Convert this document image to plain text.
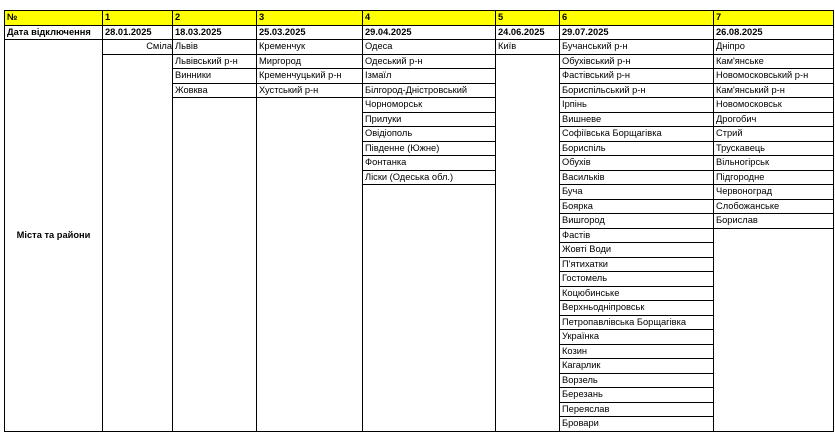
№	1	2	3	4	5	6	7
Дата відключення	28.01.2025	18.03.2025	25.03.2025	29.04.2025	24.06.2025	29.07.2025	26.08.2025
Міста та райони	Сміла	Львів	Кременчук	Одеса	Київ	Бучанський р-н	Дніпро
		Львівський р-н	Миргород	Одеський р-н		Обухівський р-н	Кам'янське
		Винники	Кременчуцький р-н	Ізмаїл		Фастівський р-н	Новомосковський р-н
		Жовква	Хустський р-н	Білгород-Дністровський		Бориспільський р-н	Кам'янський р-н
				Чорноморськ		Ірпінь	Новомосковськ
				Прилуки		Вишневе	Дрогобич
				Овідіополь		Софіївська Борщагівка	Стрий
				Південне (Южне)		Бориспіль	Трускавець
				Фонтанка		Обухів	Вільногірськ
				Ліски (Одеська обл.)		Васильків	Підгородне
						Буча	Червоноград
						Боярка	Слобожанське
						Вишгород	Борислав
						Фастів	
						Жовті Води	
						П'ятихатки	
						Гостомель	
						Коцюбинське	
						Верхньодніпровськ	
						Петропавлівська Борщагівка	
						Українка	
						Козин	
						Кагарлик	
						Ворзель	
						Березань	
						Переяслав	
						Бровари	
